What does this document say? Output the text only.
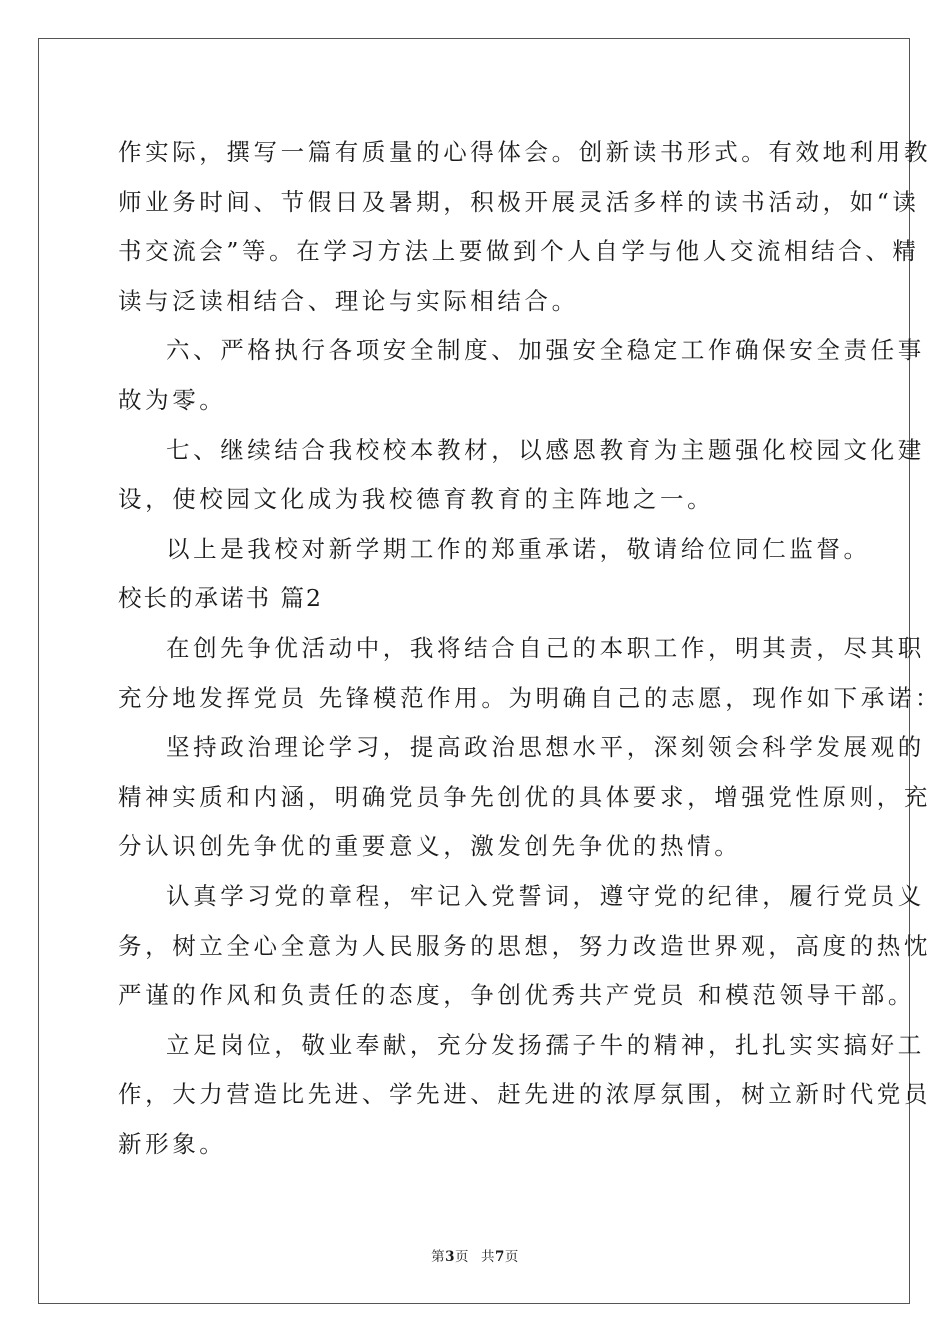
作实际，撰写一篇有质量的心得体会。创新读书形式。有效地利用教
师业务时间、节假日及暑期，积极开展灵活多样的读书活动，如“读
书交流会”等。在学习方法上要做到个人自学与他人交流相结合、精
读与泛读相结合、理论与实际相结合。
六、严格执行各项安全制度、加强安全稳定工作确保安全责任事
故为零。
七、继续结合我校校本教材，以感恩教育为主题强化校园文化建
设，使校园文化成为我校德育教育的主阵地之一。
以上是我校对新学期工作的郑重承诺，敬请给位同仁监督。
校长的承诺书 篇2
在创先争优活动中，我将结合自己的本职工作，明其责，尽其职
充分地发挥党员 先锋模范作用。为明确自己的志愿，现作如下承诺：
坚持政治理论学习，提高政治思想水平，深刻领会科学发展观的
精神实质和内涵，明确党员争先创优的具体要求，增强党性原则，充
分认识创先争优的重要意义，激发创先争优的热情。
认真学习党的章程，牢记入党誓词，遵守党的纪律，履行党员义
务，树立全心全意为人民服务的思想，努力改造世界观，高度的热忱
严谨的作风和负责任的态度，争创优秀共产党员 和模范领导干部。
立足岗位，敬业奉献，充分发扬孺子牛的精神，扎扎实实搞好工
作，大力营造比先进、学先进、赶先进的浓厚氛围，树立新时代党员
新形象。
第3页 共7页
